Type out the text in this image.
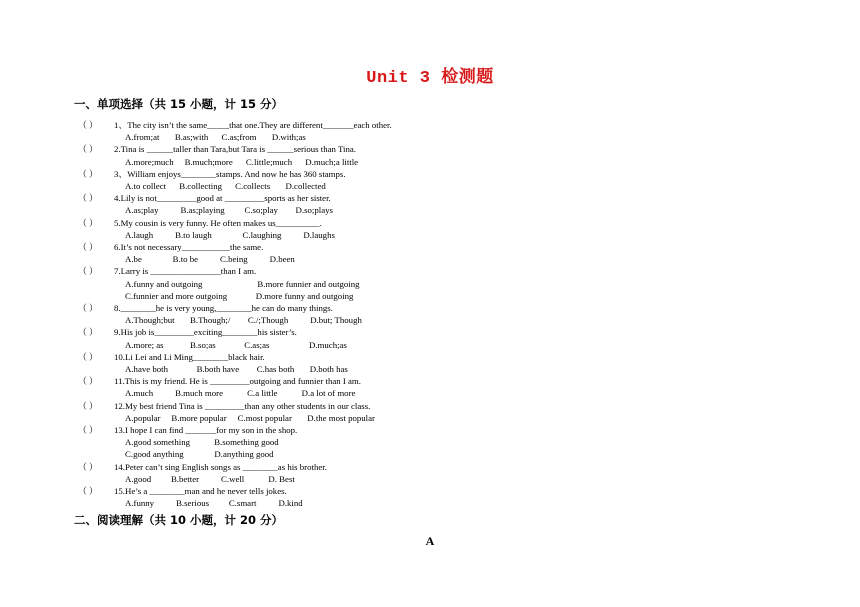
Unit 3 检测题
一、单项选择（共 15 小题，计 15 分）
（ ） 1、The city isn’t the same_____that one.They are different_______each other.
A.from;at       B.as;with      C.as;from       D.with;as
（ ） 2.Tina is ______taller than Tara,but Tara is ______serious than Tina.
A.more;much     B.much;more      C.little;much      D.much;a little
（ ） 3、William enjoys________stamps. And now he has 360 stamps.
A.to collect      B.collecting      C.collects       D.collected
（ ） 4.Lily is not_________good at _________sports as her sister.
A.as;play          B.as;playing         C.so;play        D.so;plays
（ ） 5.My cousin is very funny. He often makes us__________.
A.laugh          B.to laugh              C.laughing          D.laughs
（ ） 6.It’s not necessary___________the same.
A.be              B.to be          C.being          D.been
（ ） 7.Larry is ________________than I am.
A.funny and outgoing                         B.more funnier and outgoing
C.funnier and more outgoing             D.more funny and outgoing
（ ） 8.________he is very young,________he can do many things.
A.Though;but       B.Though;/        C./;Though          D.but; Though
（ ） 9.His job is_________exciting________his sister’s.
A.more; as            B.so;as             C.as;as                  D.much;as
（ ） 10.Li Lei and Li Ming________black hair.
A.have both             B.both have        C.has both       D.both has
（ ） 11.This is my friend. He is _________outgoing and funnier than I am.
A.much          B.much more           C.a little           D.a lot of more
（ ） 12.My best friend Tina is _________than any other students in our class.
A.popular     B.more popular     C.most popular       D.the most popular
（ ） 13.I hope I can find _______for my son in the shop.
A.good something           B.something good
C.good anything              D.anything good
（ ） 14.Peter can’t sing English songs as ________as his brother.
A.good         B.better          C.well           D. Best
（ ） 15.He’s a ________man and he never tells jokes.
A.funny          B.serious         C.smart          D.kind
二、阅读理解（共 10 小题，计 20 分）
A
